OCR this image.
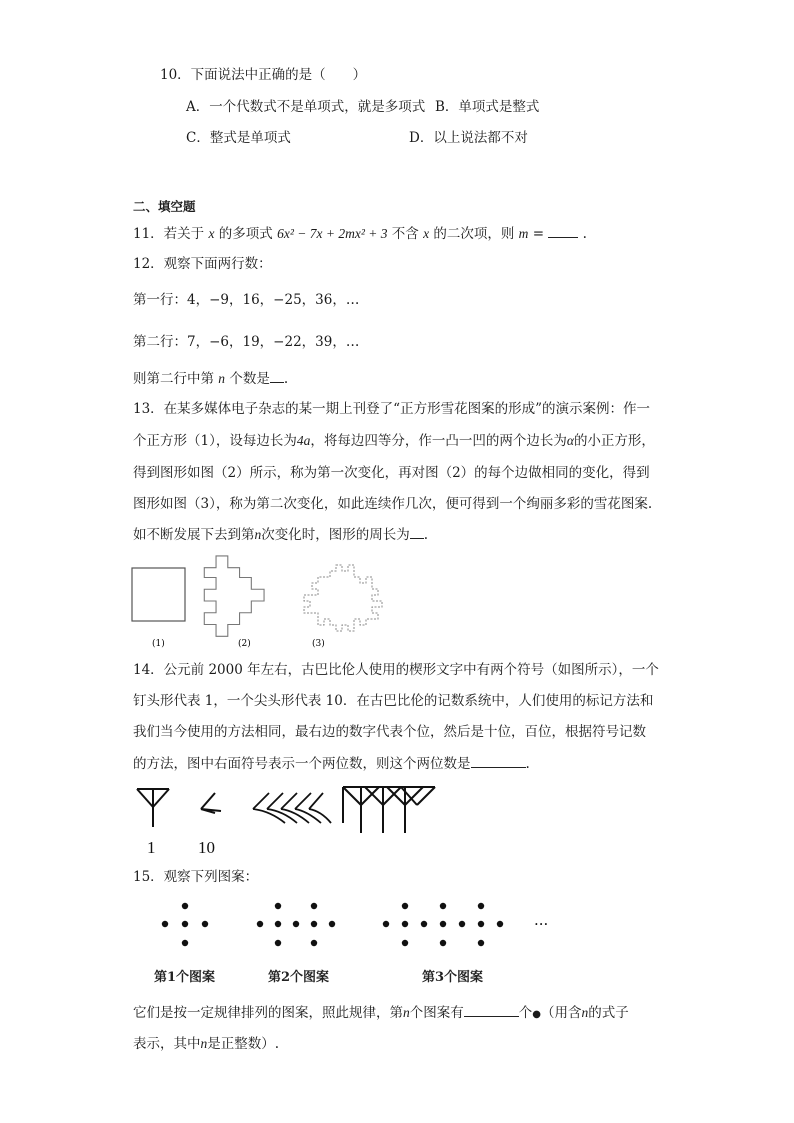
10．下面说法中正确的是（　　）
A．一个代数式不是单项式，就是多项式 B．单项式是整式
C．整式是单项式	D．以上说法都不对
二、填空题
11．若关于 x 的多项式 6x² − 7x + 2mx² + 3 不含 x 的二次项，则 m =	.
12．观察下面两行数：
第一行：4，−9，16，−25，36，…
第二行：7，−6，19，−22，39，…
则第二行中第 n 个数是 .
13．在某多媒体电子杂志的某一期上刊登了“正方形雪花图案的形成”的演示案例：作一
个正方形（1），设每边长为4a，将每边四等分，作一凸一凹的两个边长为α的小正方形，
得到图形如图（2）所示，称为第一次变化，再对图（2）的每个边做相同的变化，得到
图形如图（3），称为第二次变化，如此连续作几次，便可得到一个绚丽多彩的雪花图案.
如不断发展下去到第n次变化时，图形的周长为 .
(1)	(2)	(3)
14．公元前 2000 年左右，古巴比伦人使用的楔形文字中有两个符号（如图所示），一个
钉头形代表 1，一个尖头形代表 10．在古巴比伦的记数系统中，人们使用的标记方法和
我们当今使用的方法相同，最右边的数字代表个位，然后是十位，百位，根据符号记数
的方法，图中右面符号表示一个两位数，则这个两位数是	.
1	10
15．观察下列图案：
···
第1个图案	第2个图案	第3个图案
它们是按一定规律排列的图案，照此规律，第n个图案有	个●（用含n的式子
表示，其中n是正整数）.
